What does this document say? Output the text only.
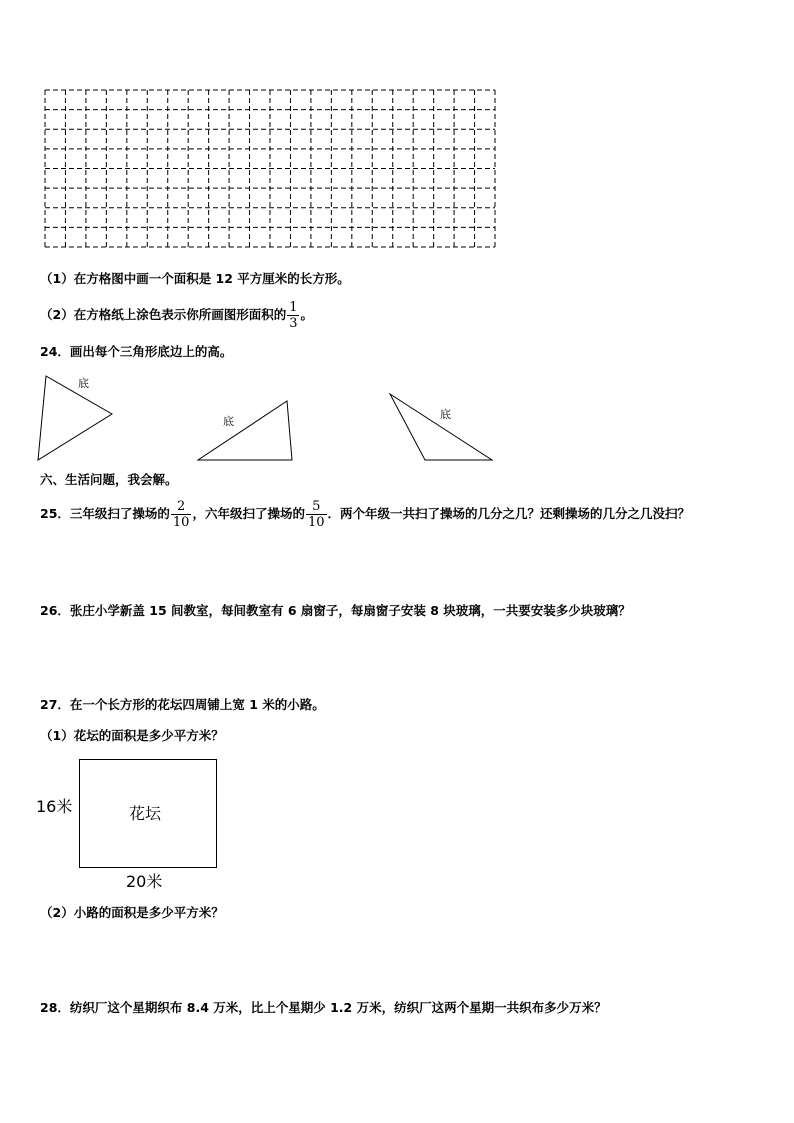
（1）在方格图中画一个面积是 12 平方厘米的长方形。
（2）在方格纸上涂色表示你所画图形面积的 $\frac{1}{3}$ 。
24．画出每个三角形底边上的高。
底
底
底
六、生活问题，我会解。
25．三年级扫了操场的 $\frac{2}{10}$ ，六年级扫了操场的 $\frac{5}{10}$ ．两个年级一共扫了操场的几分之几？还剩操场的几分之几没扫？
26．张庄小学新盖 15 间教室，每间教室有 6 扇窗子，每扇窗子安装 8 块玻璃，一共要安装多少块玻璃？
27．在一个长方形的花坛四周铺上宽 1 米的小路。
（1）花坛的面积是多少平方米？
花坛
16米
20米
（2）小路的面积是多少平方米？
28．纺织厂这个星期织布 8.4 万米，比上个星期少 1.2 万米，纺织厂这两个星期一共织布多少万米？
